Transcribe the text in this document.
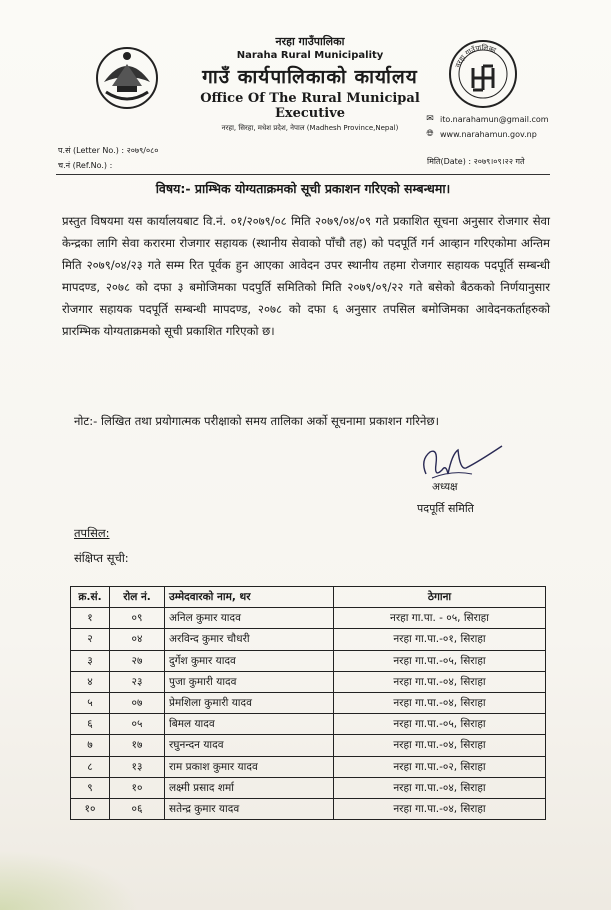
नरहा गाउँपालिका
Naraha Rural Municipality
गाउँ कार्यपालिकाको कार्यालय
Office Of The Rural Municipal Executive
नरहा, सिरहा, मधेश प्रदेश, नेपाल (Madhesh Province,Nepal)
नरहा गाउँपालिका
✉ ito.narahamun@gmail.com
🌐︎ www.narahamun.gov.np
प.सं (Letter No.) : २०७९/०८०
च.नं (Ref.No.) :	मिति(Date) : २०७९।०९।२२ गते
विषय:- प्राम्भिक योग्यताक्रमको सूची प्रकाशन गरिएको सम्बन्धमा।
प्रस्तुत विषयमा यस कार्यालयबाट वि.नं. ०१/२०७९/०८ मिति २०७९/०४/०९ गते प्रकाशित सूचना अनुसार रोजगार सेवा केन्द्रका लागि सेवा करारमा रोजगार सहायक (स्थानीय सेवाको पाँचौ तह) को पदपूर्ति गर्न आव्हान गरिएकोमा अन्तिम मिति २०७९/०४/२३ गते सम्म रित पूर्वक हुन आएका आवेदन उपर स्थानीय तहमा रोजगार सहायक पदपूर्ति सम्बन्धी मापदण्ड, २०७८ को दफा ३ बमोजिमका पदपुर्ति समितिको मिति २०७९/०९/२२ गते बसेको बैठकको निर्णयानुसार रोजगार सहायक पदपूर्ति सम्बन्धी मापदण्ड, २०७८ को दफा ६ अनुसार तपसिल बमोजिमका आवेदनकर्ताहरुको प्रारम्भिक योग्यताक्रमको सूची प्रकाशित गरिएको छ।
नोट:- लिखित तथा प्रयोगात्मक परीक्षाको समय तालिका अर्को सूचनामा प्रकाशन गरिनेछ।
अध्यक्ष
पदपूर्ति समिति
तपसिल:
संक्षिप्त सूची:
क्र.सं.	रोल नं.	उम्मेदवारको नाम, थर	ठेगाना
१	०९	अनिल कुमार यादव	नरहा गा.पा. - ०५, सिराहा
२	०४	अरविन्द कुमार चौधरी	नरहा गा.पा.-०१, सिराहा
३	२७	दुर्गेश कुमार यादव	नरहा गा.पा.-०५, सिराहा
४	२३	पुजा कुमारी यादव	नरहा गा.पा.-०४, सिराहा
५	०७	प्रेमशिला कुमारी यादव	नरहा गा.पा.-०४, सिराहा
६	०५	बिमल यादव	नरहा गा.पा.-०५, सिराहा
७	१७	रघुनन्दन यादव	नरहा गा.पा.-०४, सिराहा
८	१३	राम प्रकाश कुमार यादव	नरहा गा.पा.-०२, सिराहा
९	१०	लक्ष्मी प्रसाद शर्मा	नरहा गा.पा.-०४, सिराहा
१०	०६	सतेन्द्र कुमार यादव	नरहा गा.पा.-०४, सिराहा
